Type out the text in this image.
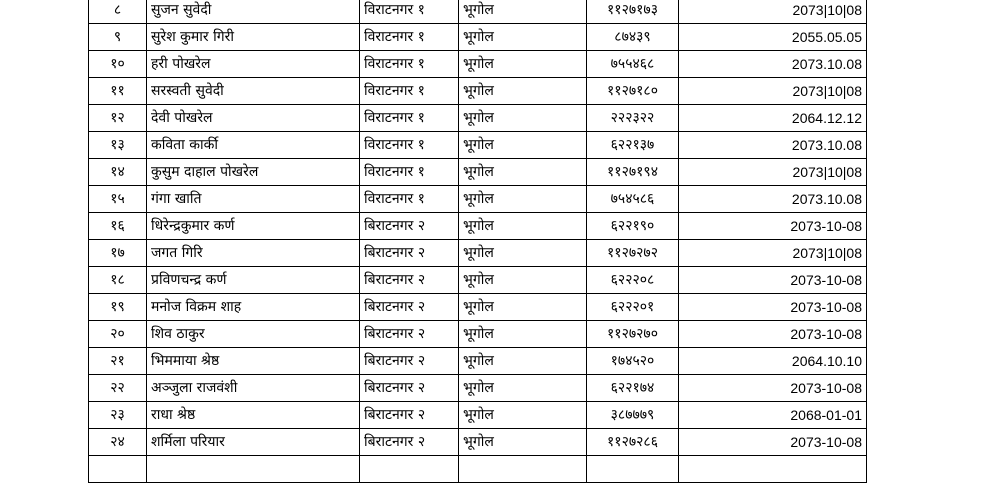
८	सुजन सुवेदी	विराटनगर १	भूगोल	११२७१७३	2073|10|08
९	सुरेश कुमार गिरी	विराटनगर १	भूगोल	८७४३९	2055.05.05
१०	हरी पोखरेल	विराटनगर १	भूगोल	७५५४६८	2073.10.08
११	सरस्वती सुवेदी	विराटनगर १	भूगोल	११२७१८०	2073|10|08
१२	देवी पोखरेल	विराटनगर १	भूगोल	२२२३२२	2064.12.12
१३	कविता कार्की	विराटनगर १	भूगोल	६२२१३७	2073.10.08
१४	कुसुम दाहाल पोखरेल	विराटनगर १	भूगोल	११२७१९४	2073|10|08
१५	गंगा खाति	विराटनगर १	भूगोल	७५४५८६	2073.10.08
१६	धिरेन्द्रकुमार कर्ण	बिराटनगर २	भूगोल	६२२१९०	2073-10-08
१७	जगत गिरि	बिराटनगर २	भूगोल	११२७२७२	2073|10|08
१८	प्रविणचन्द्र कर्ण	बिराटनगर २	भूगोल	६२२२०८	2073-10-08
१९	मनोज विक्रम शाह	बिराटनगर २	भूगोल	६२२२०१	2073-10-08
२०	शिव ठाकुर	बिराटनगर २	भूगोल	११२७२७०	2073-10-08
२१	भिममाया श्रेष्ठ	बिराटनगर २	भूगोल	१७४५२०	2064.10.10
२२	अञ्जुला राजवंशी	बिराटनगर २	भूगोल	६२२१७४	2073-10-08
२३	राधा श्रेष्ठ	बिराटनगर २	भूगोल	३८७७७९	2068-01-01
२४	शर्मिला परियार	बिराटनगर २	भूगोल	११२७२८६	2073-10-08
